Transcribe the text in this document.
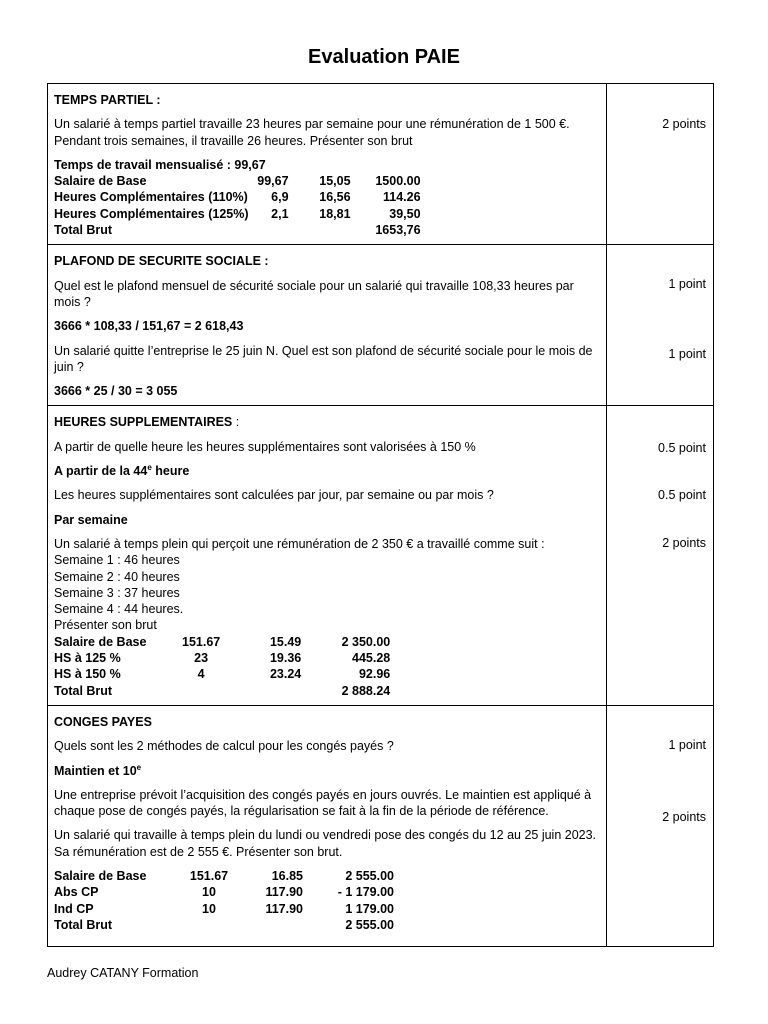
Evaluation PAIE
TEMPS PARTIEL :
Un salarié à temps partiel travaille 23 heures par semaine pour une rémunération de 1 500 €. Pendant trois semaines, il travaille 26 heures. Présenter son brut
Temps de travail mensualisé : 99,67
Salaire de Base	99,67	15,05	1500.00
Heures Complémentaires (110%)	6,9	16,56	114.26
Heures Complémentaires (125%)	2,1	18,81	39,50
Total Brut			1653,76

2 points

PLAFOND DE SECURITE SOCIALE :
Quel est le plafond mensuel de sécurité sociale pour un salarié qui travaille 108,33 heures par mois ?
3666 * 108,33 / 151,67 = 2 618,43
Un salarié quitte l’entreprise le 25 juin N. Quel est son plafond de sécurité sociale pour le mois de juin ?
3666 * 25 / 30 = 3 055

1 point
1 point

HEURES SUPPLEMENTAIRES :
A partir de quelle heure les heures supplémentaires sont valorisées à 150 %
A partir de la 44e heure
Les heures supplémentaires sont calculées par jour, par semaine ou par mois ?
Par semaine
Un salarié à temps plein qui perçoit une rémunération de 2 350 € a travaillé comme suit :
Semaine 1 : 46 heures
Semaine 2 : 40 heures
Semaine 3 : 37 heures
Semaine 4 : 44 heures.
Présenter son brut
Salaire de Base	151.67	15.49	2 350.00
HS à 125 %	23	19.36	445.28
HS à 150 %	4	23.24	92.96
Total Brut			2 888.24

0.5 point
0.5 point
2 points

CONGES PAYES
Quels sont les 2 méthodes de calcul pour les congés payés ?
Maintien et 10e
Une entreprise prévoit l’acquisition des congés payés en jours ouvrés. Le maintien est appliqué à chaque pose de congés payés, la régularisation se fait à la fin de la période de référence.
Un salarié qui travaille à temps plein du lundi ou vendredi pose des congés du 12 au 25 juin 2023. Sa rémunération est de 2 555 €. Présenter son brut.
Salaire de Base	151.67	16.85	2 555.00
Abs CP	10	117.90	- 1 179.00
Ind CP	10	117.90	1 179.00
Total Brut			2 555.00

1 point
2 points
Audrey CATANY Formation
